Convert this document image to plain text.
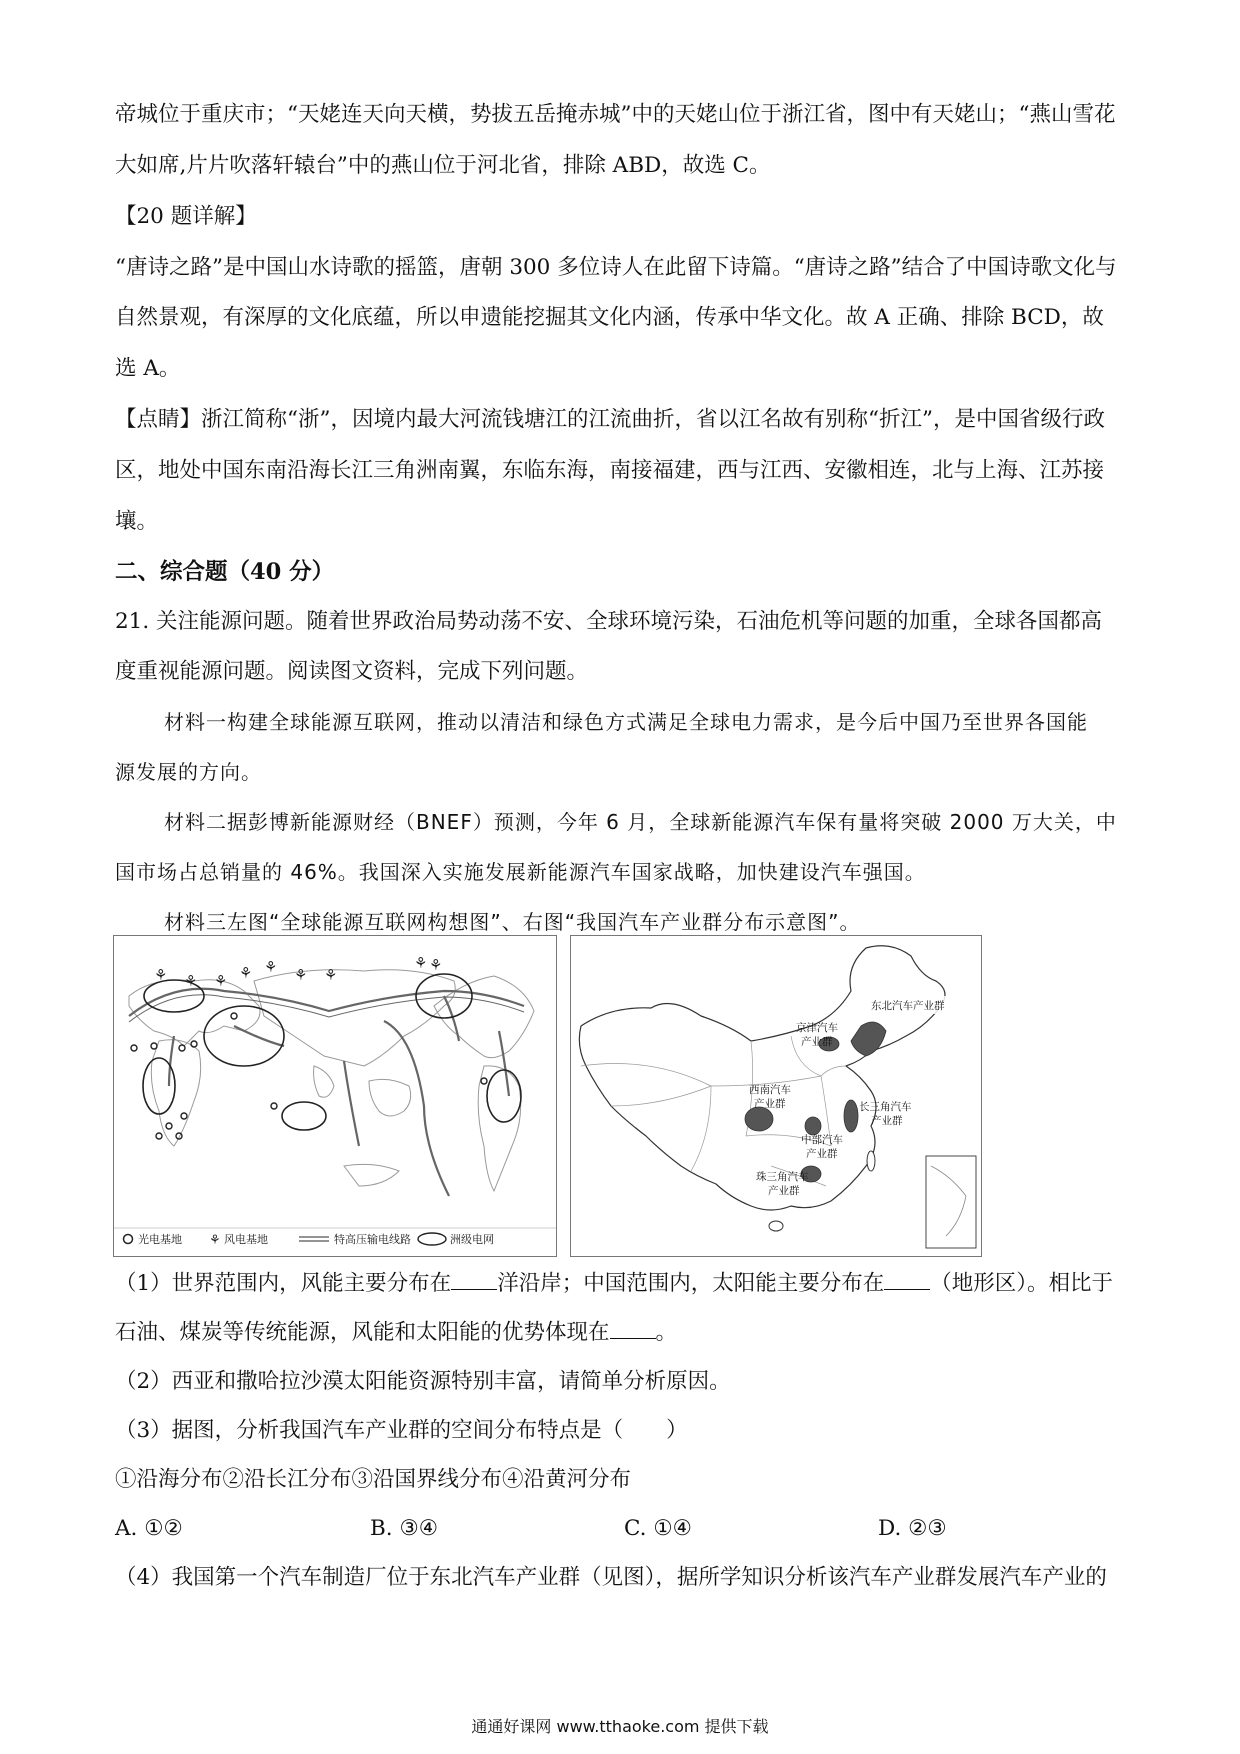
帝城位于重庆市；“天姥连天向天横，势拔五岳掩赤城”中的天姥山位于浙江省，图中有天姥山；“燕山雪花
大如席,片片吹落轩辕台”中的燕山位于河北省，排除 ABD，故选 C。
【20 题详解】
“唐诗之路”是中国山水诗歌的摇篮，唐朝 300 多位诗人在此留下诗篇。“唐诗之路”结合了中国诗歌文化与
自然景观，有深厚的文化底蕴，所以申遗能挖掘其文化内涵，传承中华文化。故 A 正确、排除 BCD，故
选 A。
【点睛】浙江简称“浙”，因境内最大河流钱塘江的江流曲折，省以江名故有别称“折江”，是中国省级行政
区，地处中国东南沿海长江三角洲南翼，东临东海，南接福建，西与江西、安徽相连，北与上海、江苏接
壤。
二、综合题（40 分）
21. 关注能源问题。随着世界政治局势动荡不安、全球环境污染，石油危机等问题的加重，全球各国都高
度重视能源问题。阅读图文资料，完成下列问题。
材料一构建全球能源互联网，推动以清洁和绿色方式满足全球电力需求，是今后中国乃至世界各国能
源发展的方向。
材料二据彭博新能源财经（BNEF）预测，今年 6 月，全球新能源汽车保有量将突破 2000 万大关，中
国市场占总销量的 46%。我国深入实施发展新能源汽车国家战略，加快建设汽车强国。
材料三左图“全球能源互联网构想图”、右图“我国汽车产业群分布示意图”。
⚘ ⚘ ⚘ ⚘ ⚘ ⚘ ⚘
⚘ ⚘
光电基地 ⚘ 风电基地	特高压输电线路	洲级电网
东北汽车产业群
京津汽车
产业群
西南汽车
产业群	长三角汽车
产业群
中部汽车
产业群
珠三角汽车
产业群
（1）世界范围内，风能主要分布在 洋沿岸；中国范围内，太阳能主要分布在 （地形区）。相比于
石油、煤炭等传统能源，风能和太阳能的优势体现在 。
（2）西亚和撒哈拉沙漠太阳能资源特别丰富，请简单分析原因。
（3）据图，分析我国汽车产业群的空间分布特点是（　　）
①沿海分布②沿长江分布③沿国界线分布④沿黄河分布
A. ①②	B. ③④	C. ①④	D. ②③
（4）我国第一个汽车制造厂位于东北汽车产业群（见图），据所学知识分析该汽车产业群发展汽车产业的
通通好课网 www.tthaoke.com 提供下载
